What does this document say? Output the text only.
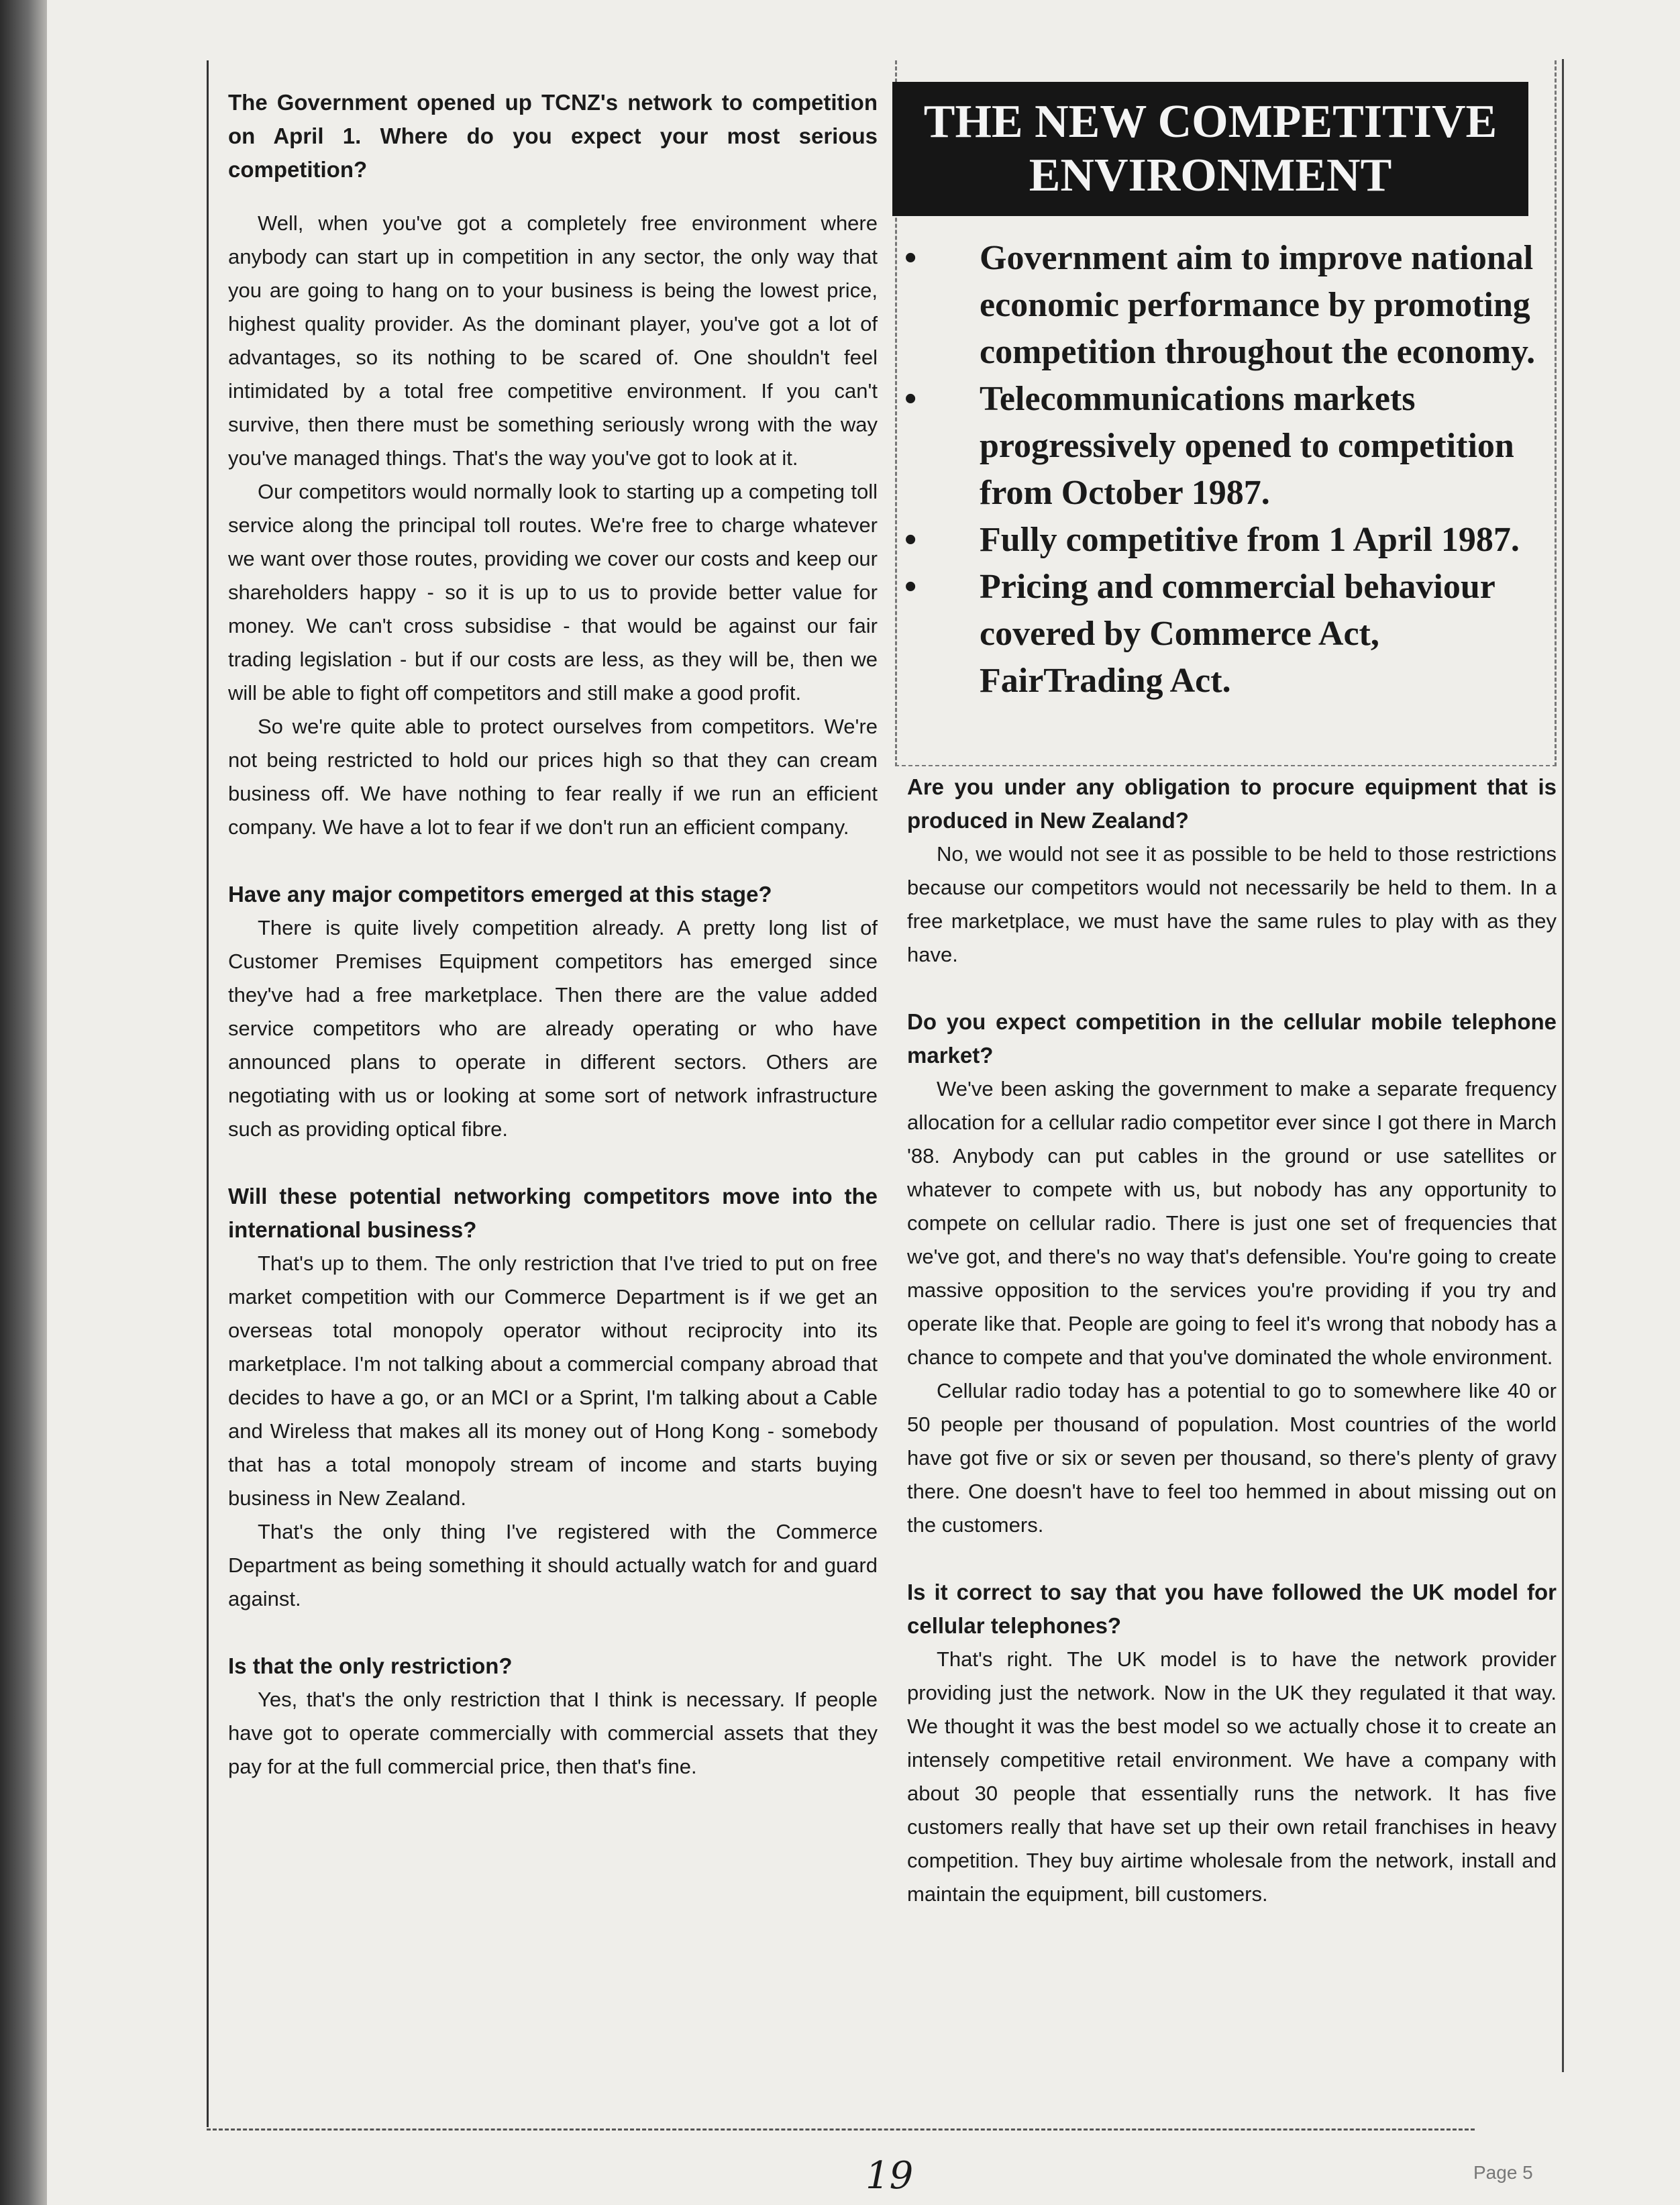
The Government opened up TCNZ's network to competition on April 1. Where do you expect your most serious competition?

Well, when you've got a completely free environment where anybody can start up in competition in any sector, the only way that you are going to hang on to your business is being the lowest price, highest quality provider. As the dominant player, you've got a lot of advantages, so its nothing to be scared of. One shouldn't feel intimidated by a total free competitive environment. If you can't survive, then there must be something seriously wrong with the way you've managed things. That's the way you've got to look at it.

Our competitors would normally look to starting up a competing toll service along the principal toll routes. We're free to charge whatever we want over those routes, providing we cover our costs and keep our shareholders happy - so it is up to us to provide better value for money. We can't cross subsidise - that would be against our fair trading legislation - but if our costs are less, as they will be, then we will be able to fight off competitors and still make a good profit.

So we're quite able to protect ourselves from competitors. We're not being restricted to hold our prices high so that they can cream business off. We have nothing to fear really if we run an efficient company. We have a lot to fear if we don't run an efficient company.

Have any major competitors emerged at this stage?

There is quite lively competition already. A pretty long list of Customer Premises Equipment competitors has emerged since they've had a free marketplace. Then there are the value added service competitors who are already operating or who have announced plans to operate in different sectors. Others are negotiating with us or looking at some sort of network infrastructure such as providing optical fibre.

Will these potential networking competitors move into the international business?

That's up to them. The only restriction that I've tried to put on free market competition with our Commerce Department is if we get an overseas total monopoly operator without reciprocity into its marketplace. I'm not talking about a commercial company abroad that decides to have a go, or an MCI or a Sprint, I'm talking about a Cable and Wireless that makes all its money out of Hong Kong - somebody that has a total monopoly stream of income and starts buying business in New Zealand.

That's the only thing I've registered with the Commerce Department as being something it should actually watch for and guard against.

Is that the only restriction?

Yes, that's the only restriction that I think is necessary. If people have got to operate commercially with commercial assets that they pay for at the full commercial price, then that's fine.

THE NEW COMPETITIVE
ENVIRONMENT
•	Government aim to improve national economic performance by promoting competition throughout the economy.
•	Telecommunications markets progressively opened to competition from October 1987.
•	Fully competitive from 1 April 1987.
•	Pricing and commercial behaviour covered by Commerce Act, FairTrading Act.

Are you under any obligation to procure equipment that is produced in New Zealand?

No, we would not see it as possible to be held to those restrictions because our competitors would not necessarily be held to them. In a free marketplace, we must have the same rules to play with as they have.

Do you expect competition in the cellular mobile telephone market?

We've been asking the government to make a separate frequency allocation for a cellular radio competitor ever since I got there in March '88. Anybody can put cables in the ground or use satellites or whatever to compete with us, but nobody has any opportunity to compete on cellular radio. There is just one set of frequencies that we've got, and there's no way that's defensible. You're going to create massive opposition to the services you're providing if you try and operate like that. People are going to feel it's wrong that nobody has a chance to compete and that you've dominated the whole environment.

Cellular radio today has a potential to go to somewhere like 40 or 50 people per thousand of population. Most countries of the world have got five or six or seven per thousand, so there's plenty of gravy there. One doesn't have to feel too hemmed in about missing out on the customers.

Is it correct to say that you have followed the UK model for cellular telephones?

That's right. The UK model is to have the network provider providing just the network. Now in the UK they regulated it that way. We thought it was the best model so we actually chose it to create an intensely competitive retail environment. We have a company with about 30 people that essentially runs the network. It has five customers really that have set up their own retail franchises in heavy competition. They buy airtime wholesale from the network, install and maintain the equipment, bill customers.

19	Page 5
